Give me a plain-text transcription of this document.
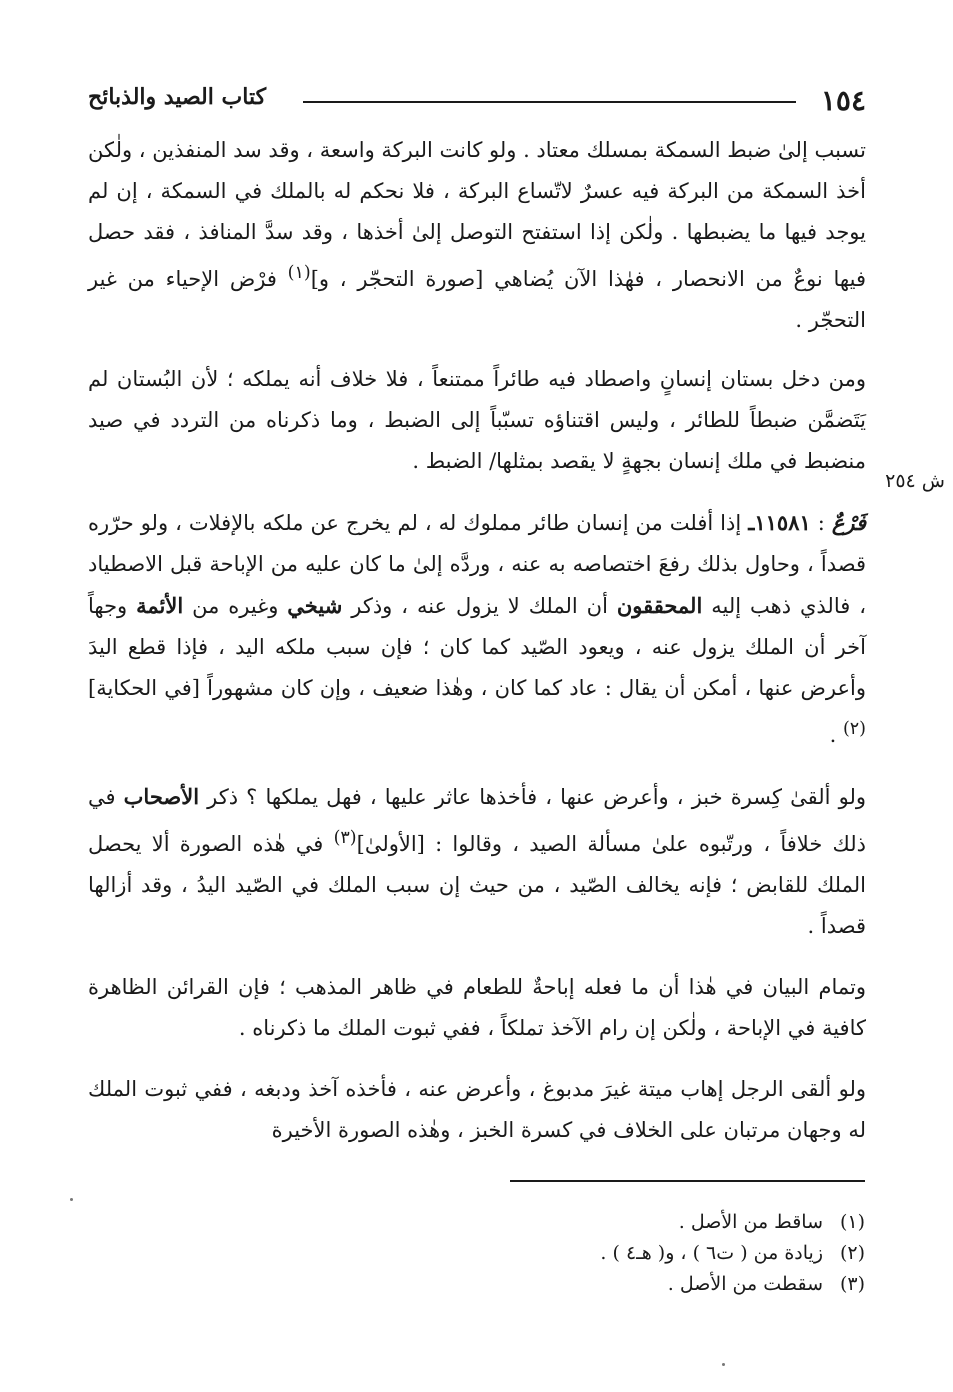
١٥٤
كتاب الصيد والذبائح
ش ٢٥٤

تسبب إلىٰ ضبط السمكة بمسلك معتاد . ولو كانت البركة واسعة ، وقد سد المنفذين ، ولٰكن أخذ السمكة من البركة فيه عسرٌ لاتّساع البركة ، فلا نحكم له بالملك في السمكة ، إن لم يوجد فيها ما يضبطها . ولٰكن إذا استفتح التوصل إلىٰ أخذها ، وقد سدَّ المنافذ ، فقد حصل فيها نوعٌ من الانحصار ، فهٰذا الآن يُضاهي [صورة التحجّر ، و]$^{(١)}$ فرْض الإحياء من غير التحجّر .

ومن دخل بستان إنسانٍ واصطاد فيه طائراً ممتنعاً ، فلا خلاف أنه يملكه ؛ لأن البُستان لم يَتَضمَّن ضبطاً للطائر ، وليس اقتناؤه تسبّباً إلى الضبط ، وما ذكرناه من التردد في صيد منضبط في ملك إنسان بجهةٍ لا يقصد بمثلها/ الضبط .

فَرْعٌ : ١١٥٨١ـ إذا أفلت من إنسان طائر مملوك له ، لم يخرج عن ملكه بالإفلات ، ولو حرّره قصداً ، وحاول بذلك رفعَ اختصاصه به عنه ، وردَّه إلىٰ ما كان عليه من الإباحة قبل الاصطياد ، فالذي ذهب إليه المحققون أن الملك لا يزول عنه ، وذكر شيخي وغيره من الأئمة وجهاً آخر أن الملك يزول عنه ، ويعود الصّيد كما كان ؛ فإن سبب ملكه اليد ، فإذا قطع اليدَ وأعرض عنها ، أمكن أن يقال : عاد كما كان ، وهٰذا ضعيف ، وإن كان مشهوراً [في الحكاية]$^{(٢)}$ .

ولو ألقىٰ كِسرة خبز ، وأعرض عنها ، فأخذها عاثر عليها ، فهل يملكها ؟ ذكر الأصحاب في ذلك خلافاً ، ورتّبوه علىٰ مسألة الصيد ، وقالوا : [الأولىٰ]$^{(٣)}$ في هٰذه الصورة ألا يحصل الملك للقابض ؛ فإنه يخالف الصّيد ، من حيث إن سبب الملك في الصّيد اليدُ ، وقد أزالها قصداً .

وتمام البيان في هٰذا أن ما فعله إباحةٌ للطعام في ظاهر المذهب ؛ فإن القرائن الظاهرة كافية في الإباحة ، ولٰكن إن رام الآخذ تملكاً ، ففي ثبوت الملك ما ذكرناه .

ولو ألقى الرجل إهاب ميتة غيرَ مدبوغ ، وأعرض عنه ، فأخذه آخذ ودبغه ، ففي ثبوت الملك له وجهان مرتبان على الخلاف في كسرة الخبز ، وهٰذه الصورة الأخيرة

(١)ساقط من الأصل .
(٢)زيادة من ( ت٦ ) ، و( هـ٤ ) .
(٣)سقطت من الأصل .
